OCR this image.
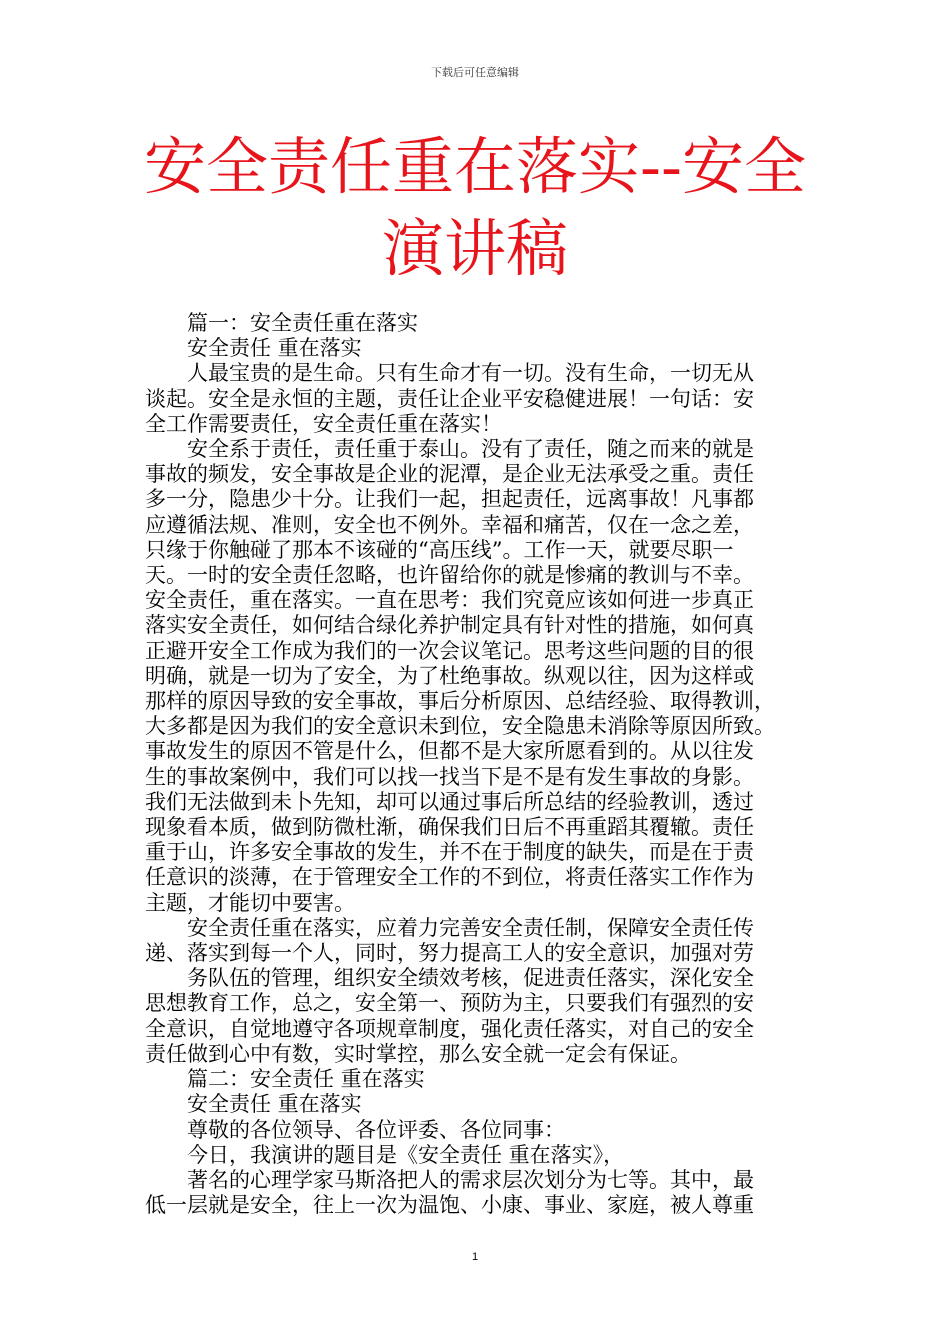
下载后可任意编辑
安全责任重在落实--安全
演讲稿

　　篇一：安全责任重在落实

　　安全责任 重在落实

　　人最宝贵的是生命。只有生命才有一切。没有生命，一切无从

谈起。安全是永恒的主题，责任让企业平安稳健进展！一句话：安

全工作需要责任，安全责任重在落实！

　　安全系于责任，责任重于泰山。没有了责任，随之而来的就是

事故的频发，安全事故是企业的泥潭，是企业无法承受之重。责任

多一分，隐患少十分。让我们一起，担起责任，远离事故！凡事都

应遵循法规、准则，安全也不例外。幸福和痛苦，仅在一念之差，

只缘于你触碰了那本不该碰的“高压线”。工作一天，就要尽职一

天。一时的安全责任忽略，也许留给你的就是惨痛的教训与不幸。

安全责任，重在落实。一直在思考：我们究竟应该如何进一步真正

落实安全责任，如何结合绿化养护制定具有针对性的措施，如何真

正避开安全工作成为我们的一次会议笔记。思考这些问题的目的很

明确，就是一切为了安全，为了杜绝事故。纵观以往，因为这样或

那样的原因导致的安全事故，事后分析原因、总结经验、取得教训，

大多都是因为我们的安全意识未到位，安全隐患未消除等原因所致。

事故发生的原因不管是什么，但都不是大家所愿看到的。从以往发

生的事故案例中，我们可以找一找当下是不是有发生事故的身影。

我们无法做到未卜先知，却可以通过事后所总结的经验教训，透过

现象看本质，做到防微杜渐，确保我们日后不再重蹈其覆辙。责任

重于山，许多安全事故的发生，并不在于制度的缺失，而是在于责

任意识的淡薄，在于管理安全工作的不到位，将责任落实工作作为

主题，才能切中要害。

　　安全责任重在落实，应着力完善安全责任制，保障安全责任传

递、落实到每一个人，同时，努力提高工人的安全意识，加强对劳

　　务队伍的管理，组织安全绩效考核，促进责任落实，深化安全

思想教育工作，总之，安全第一、预防为主，只要我们有强烈的安

全意识，自觉地遵守各项规章制度，强化责任落实，对自己的安全

责任做到心中有数，实时掌控，那么安全就一定会有保证。

　　篇二：安全责任 重在落实

　　安全责任 重在落实

　　尊敬的各位领导、各位评委、各位同事：

　　今日，我演讲的题目是《安全责任 重在落实》，

　　著名的心理学家马斯洛把人的需求层次划分为七等。其中，最

低一层就是安全，往上一次为温饱、小康、事业、家庭，被人尊重

1
